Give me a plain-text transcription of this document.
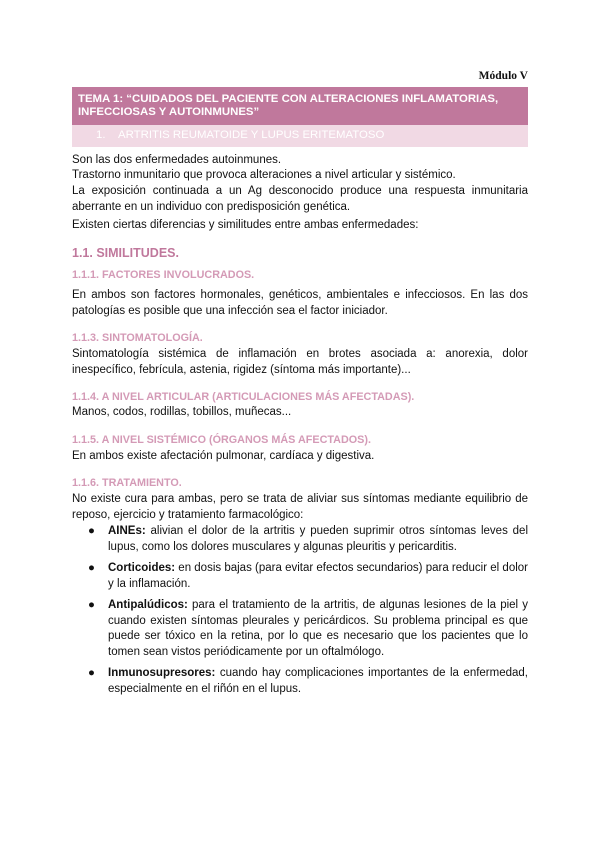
Módulo V
TEMA 1: “CUIDADOS DEL PACIENTE CON ALTERACIONES INFLAMATORIAS, INFECCIOSAS Y AUTOINMUNES”
1. ARTRITIS REUMATOIDE Y LUPUS ERITEMATOSO
Son las dos enfermedades autoinmunes.
Trastorno inmunitario que provoca alteraciones a nivel articular y sistémico.
La exposición continuada a un Ag desconocido produce una respuesta inmunitaria aberrante en un individuo con predisposición genética.
Existen ciertas diferencias y similitudes entre ambas enfermedades:
1.1. SIMILITUDES.
1.1.1. FACTORES INVOLUCRADOS.
En ambos son factores hormonales, genéticos, ambientales e infecciosos. En las dos patologías es posible que una infección sea el factor iniciador.
1.1.3. SINTOMATOLOGÍA.
Sintomatología sistémica de inflamación en brotes asociada a: anorexia, dolor inespecífico, febrícula, astenia, rigidez (síntoma más importante)...
1.1.4. A NIVEL ARTICULAR (ARTICULACIONES MÁS AFECTADAS).
Manos, codos, rodillas, tobillos, muñecas...
1.1.5. A NIVEL SISTÉMICO (ÓRGANOS MÁS AFECTADOS).
En ambos existe afectación pulmonar, cardíaca y digestiva.
1.1.6. TRATAMIENTO.
No existe cura para ambas, pero se trata de aliviar sus síntomas mediante equilibrio de reposo, ejercicio y tratamiento farmacológico:
● AINEs: alivian el dolor de la artritis y pueden suprimir otros síntomas leves del lupus, como los dolores musculares y algunas pleuritis y pericarditis.
● Corticoides: en dosis bajas (para evitar efectos secundarios) para reducir el dolor y la inflamación.
● Antipalúdicos: para el tratamiento de la artritis, de algunas lesiones de la piel y cuando existen síntomas pleurales y pericárdicos. Su problema principal es que puede ser tóxico en la retina, por lo que es necesario que los pacientes que lo tomen sean vistos periódicamente por un oftalmólogo.
● Inmunosupresores: cuando hay complicaciones importantes de la enfermedad, especialmente en el riñón en el lupus.
